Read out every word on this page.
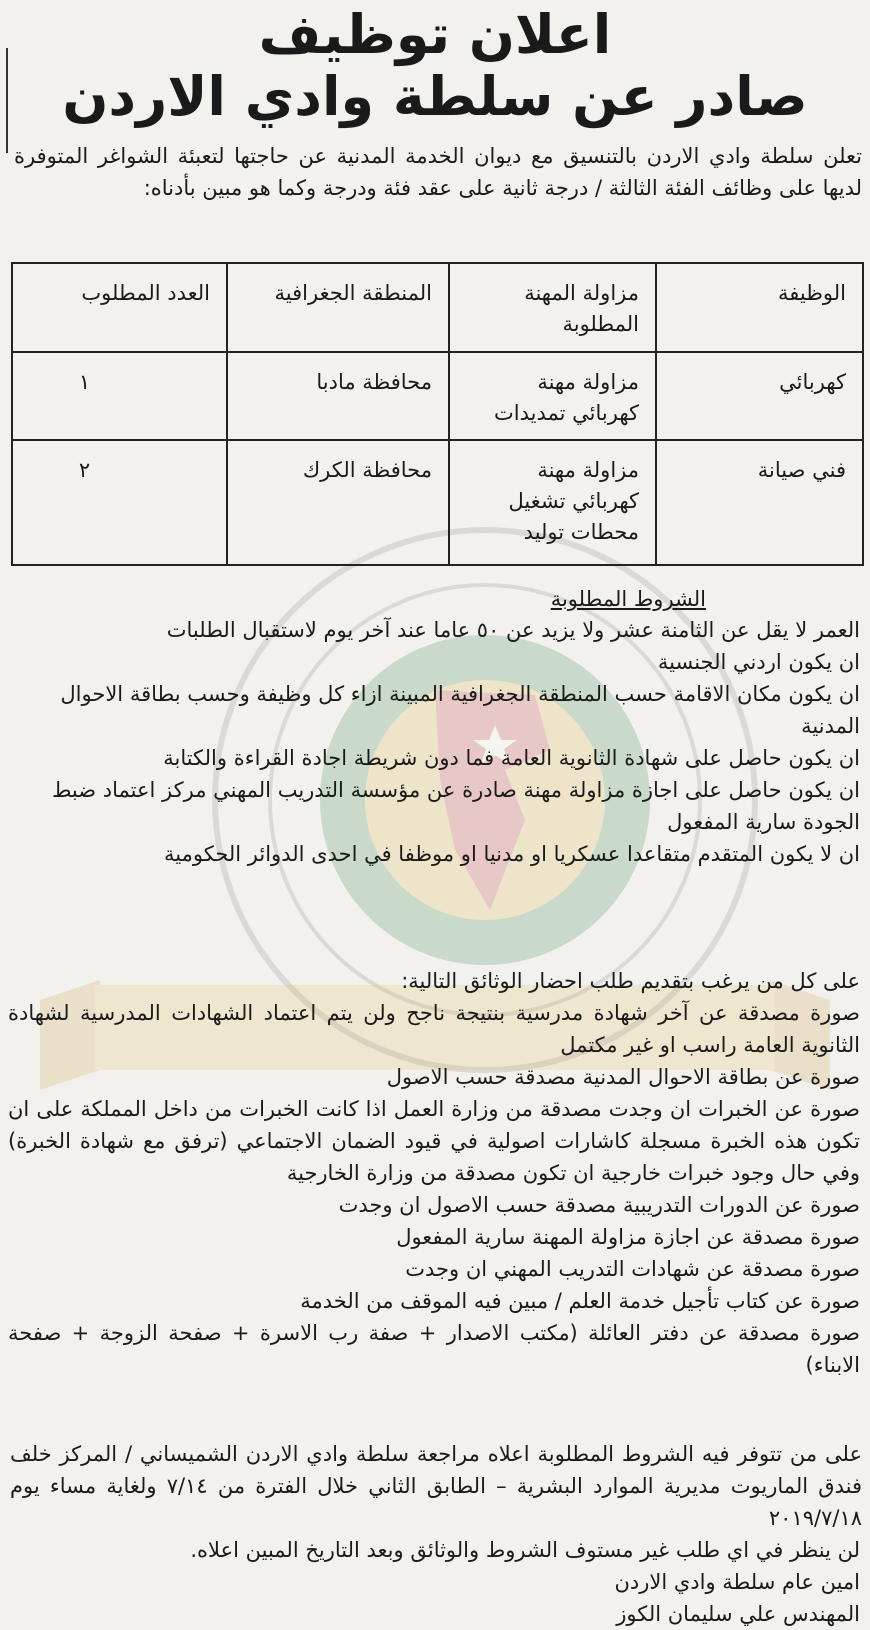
اعلان توظيف
صادر عن سلطة وادي الاردن

تعلن سلطة وادي الاردن بالتنسيق مع ديوان الخدمة المدنية عن حاجتها لتعبئة الشواغر المتوفرة لديها على وظائف الفئة الثالثة / درجة ثانية على عقد فئة ودرجة وكما هو مبين بأدناه:

الوظيفة	مزاولة المهنة المطلوبة	المنطقة الجغرافية	العدد المطلوب
كهربائي	مزاولة مهنة كهربائي تمديدات	محافظة مادبا	١
فني صيانة	مزاولة مهنة كهربائي تشغيل محطات توليد	محافظة الكرك	٢
الشروط المطلوبة
العمر لا يقل عن الثامنة عشر ولا يزيد عن ٥٠ عاما عند آخر يوم لاستقبال الطلبات
ان يكون اردني الجنسية
ان يكون مكان الاقامة حسب المنطقة الجغرافية المبينة ازاء كل وظيفة وحسب بطاقة الاحوال المدنية
ان يكون حاصل على شهادة الثانوية العامة فما دون شريطة اجادة القراءة والكتابة
ان يكون حاصل على اجازة مزاولة مهنة صادرة عن مؤسسة التدريب المهني مركز اعتماد ضبط الجودة سارية المفعول
ان لا يكون المتقدم متقاعدا عسكريا او مدنيا او موظفا في احدى الدوائر الحكومية
على كل من يرغب بتقديم طلب احضار الوثائق التالية:
صورة مصدقة عن آخر شهادة مدرسية بنتيجة ناجح ولن يتم اعتماد الشهادات المدرسية لشهادة الثانوية العامة راسب او غير مكتمل
صورة عن بطاقة الاحوال المدنية مصدقة حسب الاصول
صورة عن الخبرات ان وجدت مصدقة من وزارة العمل اذا كانت الخبرات من داخل المملكة على ان تكون هذه الخبرة مسجلة كاشارات اصولية في قيود الضمان الاجتماعي (ترفق مع شهادة الخبرة) وفي حال وجود خبرات خارجية ان تكون مصدقة من وزارة الخارجية
صورة عن الدورات التدريبية مصدقة حسب الاصول ان وجدت
صورة مصدقة عن اجازة مزاولة المهنة سارية المفعول
صورة مصدقة عن شهادات التدريب المهني ان وجدت
صورة عن كتاب تأجيل خدمة العلم / مبين فيه الموقف من الخدمة
صورة مصدقة عن دفتر العائلة (مكتب الاصدار + صفة رب الاسرة + صفحة الزوجة + صفحة الابناء)

على من تتوفر فيه الشروط المطلوبة اعلاه مراجعة سلطة وادي الاردن الشميساني / المركز خلف فندق الماريوت مديرية الموارد البشرية – الطابق الثاني خلال الفترة من ٧/١٤ ولغاية مساء يوم ٢٠١٩/٧/١٨

لن ينظر في اي طلب غير مستوف الشروط والوثائق وبعد التاريخ المبين اعلاه.

امين عام سلطة وادي الاردن

المهندس علي سليمان الكوز
